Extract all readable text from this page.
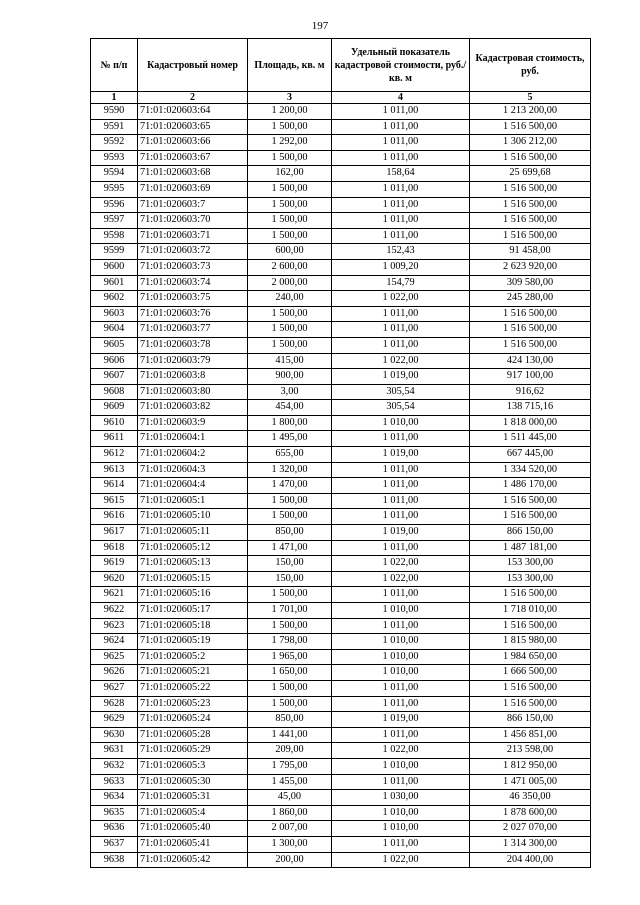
197
№ п/п	Кадастровый номер	Площадь, кв. м	Удельный показатель кадастровой стоимости, руб./кв. м	Кадастровая стоимость, руб.
1	2	3	4	5
9590	71:01:020603:64	1 200,00	1 011,00	1 213 200,00
9591	71:01:020603:65	1 500,00	1 011,00	1 516 500,00
9592	71:01:020603:66	1 292,00	1 011,00	1 306 212,00
9593	71:01:020603:67	1 500,00	1 011,00	1 516 500,00
9594	71:01:020603:68	162,00	158,64	25 699,68
9595	71:01:020603:69	1 500,00	1 011,00	1 516 500,00
9596	71:01:020603:7	1 500,00	1 011,00	1 516 500,00
9597	71:01:020603:70	1 500,00	1 011,00	1 516 500,00
9598	71:01:020603:71	1 500,00	1 011,00	1 516 500,00
9599	71:01:020603:72	600,00	152,43	91 458,00
9600	71:01:020603:73	2 600,00	1 009,20	2 623 920,00
9601	71:01:020603:74	2 000,00	154,79	309 580,00
9602	71:01:020603:75	240,00	1 022,00	245 280,00
9603	71:01:020603:76	1 500,00	1 011,00	1 516 500,00
9604	71:01:020603:77	1 500,00	1 011,00	1 516 500,00
9605	71:01:020603:78	1 500,00	1 011,00	1 516 500,00
9606	71:01:020603:79	415,00	1 022,00	424 130,00
9607	71:01:020603:8	900,00	1 019,00	917 100,00
9608	71:01:020603:80	3,00	305,54	916,62
9609	71:01:020603:82	454,00	305,54	138 715,16
9610	71:01:020603:9	1 800,00	1 010,00	1 818 000,00
9611	71:01:020604:1	1 495,00	1 011,00	1 511 445,00
9612	71:01:020604:2	655,00	1 019,00	667 445,00
9613	71:01:020604:3	1 320,00	1 011,00	1 334 520,00
9614	71:01:020604:4	1 470,00	1 011,00	1 486 170,00
9615	71:01:020605:1	1 500,00	1 011,00	1 516 500,00
9616	71:01:020605:10	1 500,00	1 011,00	1 516 500,00
9617	71:01:020605:11	850,00	1 019,00	866 150,00
9618	71:01:020605:12	1 471,00	1 011,00	1 487 181,00
9619	71:01:020605:13	150,00	1 022,00	153 300,00
9620	71:01:020605:15	150,00	1 022,00	153 300,00
9621	71:01:020605:16	1 500,00	1 011,00	1 516 500,00
9622	71:01:020605:17	1 701,00	1 010,00	1 718 010,00
9623	71:01:020605:18	1 500,00	1 011,00	1 516 500,00
9624	71:01:020605:19	1 798,00	1 010,00	1 815 980,00
9625	71:01:020605:2	1 965,00	1 010,00	1 984 650,00
9626	71:01:020605:21	1 650,00	1 010,00	1 666 500,00
9627	71:01:020605:22	1 500,00	1 011,00	1 516 500,00
9628	71:01:020605:23	1 500,00	1 011,00	1 516 500,00
9629	71:01:020605:24	850,00	1 019,00	866 150,00
9630	71:01:020605:28	1 441,00	1 011,00	1 456 851,00
9631	71:01:020605:29	209,00	1 022,00	213 598,00
9632	71:01:020605:3	1 795,00	1 010,00	1 812 950,00
9633	71:01:020605:30	1 455,00	1 011,00	1 471 005,00
9634	71:01:020605:31	45,00	1 030,00	46 350,00
9635	71:01:020605:4	1 860,00	1 010,00	1 878 600,00
9636	71:01:020605:40	2 007,00	1 010,00	2 027 070,00
9637	71:01:020605:41	1 300,00	1 011,00	1 314 300,00
9638	71:01:020605:42	200,00	1 022,00	204 400,00
